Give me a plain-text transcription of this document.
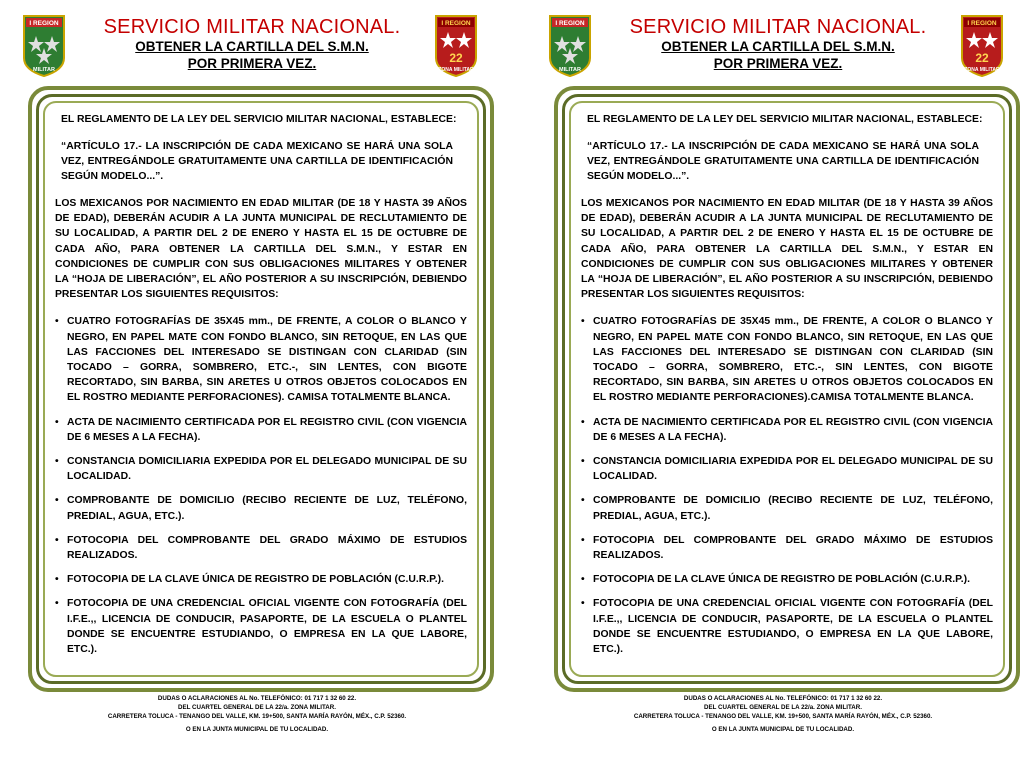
I REGION
MILITAR
SERVICIO MILITAR NACIONAL.
OBTENER LA CARTILLA DEL S.M.N.
POR PRIMERA VEZ.
I REGION
22
ZONA MILITAR
EL REGLAMENTO DE LA LEY DEL SERVICIO MILITAR NACIONAL, ESTABLECE:
“ARTÍCULO 17.- LA INSCRIPCIÓN DE CADA MEXICANO SE HARÁ UNA SOLA VEZ, ENTREGÁNDOLE GRATUITAMENTE UNA CARTILLA DE IDENTIFICACIÓN SEGÚN MODELO...”.
LOS MEXICANOS POR NACIMIENTO EN EDAD MILITAR (DE 18 Y HASTA 39 AÑOS DE EDAD), DEBERÁN ACUDIR A LA JUNTA MUNICIPAL DE RECLUTAMIENTO DE SU LOCALIDAD, A PARTIR DEL 2 DE ENERO Y HASTA EL 15 DE OCTUBRE DE CADA AÑO, PARA OBTENER LA CARTILLA DEL S.M.N., Y ESTAR EN CONDICIONES DE CUMPLIR CON SUS OBLIGACIONES MILITARES Y OBTENER LA “HOJA DE LIBERACIÓN”, EL AÑO POSTERIOR A SU INSCRIPCIÓN, DEBIENDO PRESENTAR LOS SIGUIENTES REQUISITOS:
• CUATRO FOTOGRAFÍAS DE 35X45 mm., DE FRENTE, A COLOR O BLANCO Y NEGRO, EN PAPEL MATE CON FONDO BLANCO, SIN RETOQUE, EN LAS QUE LAS FACCIONES DEL INTERESADO SE DISTINGAN CON CLARIDAD (SIN TOCADO – GORRA, SOMBRERO, ETC.-, SIN LENTES, CON BIGOTE RECORTADO, SIN BARBA, SIN ARETES U OTROS OBJETOS COLOCADOS EN EL ROSTRO MEDIANTE PERFORACIONES). CAMISA TOTALMENTE BLANCA.
• ACTA DE NACIMIENTO CERTIFICADA POR EL REGISTRO CIVIL (CON VIGENCIA DE 6 MESES A LA FECHA).
• CONSTANCIA DOMICILIARIA EXPEDIDA POR EL DELEGADO MUNICIPAL DE SU LOCALIDAD.
• COMPROBANTE DE DOMICILIO (RECIBO RECIENTE DE LUZ, TELÉFONO, PREDIAL, AGUA, ETC.).
• FOTOCOPIA DEL COMPROBANTE DEL GRADO MÁXIMO DE ESTUDIOS REALIZADOS.
• FOTOCOPIA DE LA CLAVE ÚNICA DE REGISTRO DE POBLACIÓN (C.U.R.P.).
• FOTOCOPIA DE UNA CREDENCIAL OFICIAL VIGENTE CON FOTOGRAFÍA (DEL I.F.E.,, LICENCIA DE CONDUCIR, PASAPORTE, DE LA ESCUELA O PLANTEL DONDE SE ENCUENTRE ESTUDIANDO, O EMPRESA EN LA QUE LABORE, ETC.).
DUDAS O ACLARACIONES AL No. TELEFÓNICO: 01 717 1 32 60 22.
DEL CUARTEL GENERAL DE LA 22/a. ZONA MILITAR.
CARRETERA TOLUCA - TENANGO DEL VALLE, KM. 19+500, SANTA MARÍA RAYÓN, MÉX., C.P. 52360.
O EN LA JUNTA MUNICIPAL DE TU LOCALIDAD.
I REGION
MILITAR
SERVICIO MILITAR NACIONAL.
OBTENER LA CARTILLA DEL S.M.N.
POR PRIMERA VEZ.
I REGION
22
ZONA MILITAR
EL REGLAMENTO DE LA LEY DEL SERVICIO MILITAR NACIONAL, ESTABLECE:
“ARTÍCULO 17.- LA INSCRIPCIÓN DE CADA MEXICANO SE HARÁ UNA SOLA VEZ, ENTREGÁNDOLE GRATUITAMENTE UNA CARTILLA DE IDENTIFICACIÓN SEGÚN MODELO...”.
LOS MEXICANOS POR NACIMIENTO EN EDAD MILITAR (DE 18 Y HASTA 39 AÑOS DE EDAD), DEBERÁN ACUDIR A LA JUNTA MUNICIPAL DE RECLUTAMIENTO DE SU LOCALIDAD, A PARTIR DEL 2 DE ENERO Y HASTA EL 15 DE OCTUBRE DE CADA AÑO, PARA OBTENER LA CARTILLA DEL S.M.N., Y ESTAR EN CONDICIONES DE CUMPLIR CON SUS OBLIGACIONES MILITARES Y OBTENER LA “HOJA DE LIBERACIÓN”, EL AÑO POSTERIOR A SU INSCRIPCIÓN, DEBIENDO PRESENTAR LOS SIGUIENTES REQUISITOS:
• CUATRO FOTOGRAFÍAS DE 35X45 mm., DE FRENTE, A COLOR O BLANCO Y NEGRO, EN PAPEL MATE CON FONDO BLANCO, SIN RETOQUE, EN LAS QUE LAS FACCIONES DEL INTERESADO SE DISTINGAN CON CLARIDAD (SIN TOCADO – GORRA, SOMBRERO, ETC.-, SIN LENTES, CON BIGOTE RECORTADO, SIN BARBA, SIN ARETES U OTROS OBJETOS COLOCADOS EN EL ROSTRO MEDIANTE PERFORACIONES).CAMISA TOTALMENTE BLANCA.
• ACTA DE NACIMIENTO CERTIFICADA POR EL REGISTRO CIVIL (CON VIGENCIA DE 6 MESES A LA FECHA).
• CONSTANCIA DOMICILIARIA EXPEDIDA POR EL DELEGADO MUNICIPAL DE SU LOCALIDAD.
• COMPROBANTE DE DOMICILIO (RECIBO RECIENTE DE LUZ, TELÉFONO, PREDIAL, AGUA, ETC.).
• FOTOCOPIA DEL COMPROBANTE DEL GRADO MÁXIMO DE ESTUDIOS REALIZADOS.
• FOTOCOPIA DE LA CLAVE ÚNICA DE REGISTRO DE POBLACIÓN (C.U.R.P.).
• FOTOCOPIA DE UNA CREDENCIAL OFICIAL VIGENTE CON FOTOGRAFÍA (DEL I.F.E.,, LICENCIA DE CONDUCIR, PASAPORTE, DE LA ESCUELA O PLANTEL DONDE SE ENCUENTRE ESTUDIANDO, O EMPRESA EN LA QUE LABORE, ETC.).
DUDAS O ACLARACIONES AL No. TELEFÓNICO: 01 717 1 32 60 22.
DEL CUARTEL GENERAL DE LA 22/a. ZONA MILITAR.
CARRETERA TOLUCA - TENANGO DEL VALLE, KM. 19+500, SANTA MARÍA RAYÓN, MÉX., C.P. 52360.
O EN LA JUNTA MUNICIPAL DE TU LOCALIDAD.
